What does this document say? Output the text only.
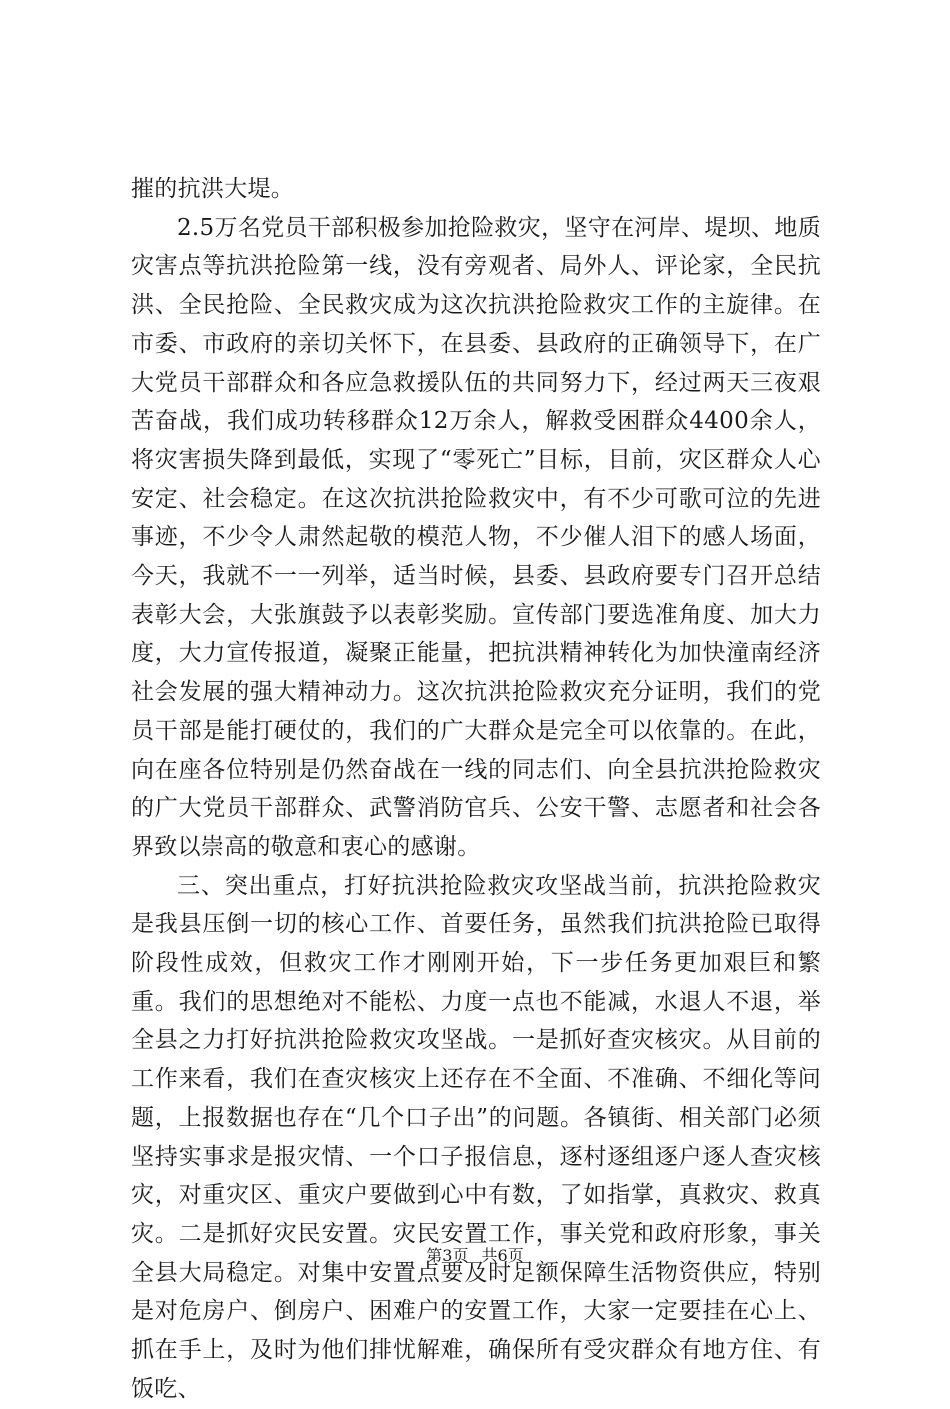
摧的抗洪大堤。

2.5万名党员干部积极参加抢险救灾，坚守在河岸、堤坝、地质灾害点等抗洪抢险第一线，没有旁观者、局外人、评论家，全民抗洪、全民抢险、全民救灾成为这次抗洪抢险救灾工作的主旋律。在市委、市政府的亲切关怀下，在县委、县政府的正确领导下，在广大党员干部群众和各应急救援队伍的共同努力下，经过两天三夜艰苦奋战，我们成功转移群众12万余人，解救受困群众4400余人，将灾害损失降到最低，实现了“零死亡”目标，目前，灾区群众人心安定、社会稳定。在这次抗洪抢险救灾中，有不少可歌可泣的先进事迹，不少令人肃然起敬的模范人物，不少催人泪下的感人场面，今天，我就不一一列举，适当时候，县委、县政府要专门召开总结表彰大会，大张旗鼓予以表彰奖励。宣传部门要选准角度、加大力度，大力宣传报道，凝聚正能量，把抗洪精神转化为加快潼南经济社会发展的强大精神动力。这次抗洪抢险救灾充分证明，我们的党员干部是能打硬仗的，我们的广大群众是完全可以依靠的。在此，向在座各位特别是仍然奋战在一线的同志们、向全县抗洪抢险救灾的广大党员干部群众、武警消防官兵、公安干警、志愿者和社会各界致以崇高的敬意和衷心的感谢。

三、突出重点，打好抗洪抢险救灾攻坚战当前，抗洪抢险救灾是我县压倒一切的核心工作、首要任务，虽然我们抗洪抢险已取得阶段性成效，但救灾工作才刚刚开始，下一步任务更加艰巨和繁重。我们的思想绝对不能松、力度一点也不能减，水退人不退，举全县之力打好抗洪抢险救灾攻坚战。一是抓好查灾核灾。从目前的工作来看，我们在查灾核灾上还存在不全面、不准确、不细化等问题，上报数据也存在“几个口子出”的问题。各镇街、相关部门必须坚持实事求是报灾情、一个口子报信息，逐村逐组逐户逐人查灾核灾，对重灾区、重灾户要做到心中有数，了如指掌，真救灾、救真灾。二是抓好灾民安置。灾民安置工作，事关党和政府形象，事关全县大局稳定。对集中安置点要及时足额保障生活物资供应，特别是对危房户、倒房户、困难户的安置工作，大家一定要挂在心上、抓在手上，及时为他们排忧解难，确保所有受灾群众有地方住、有饭吃、

第3页 共6页
